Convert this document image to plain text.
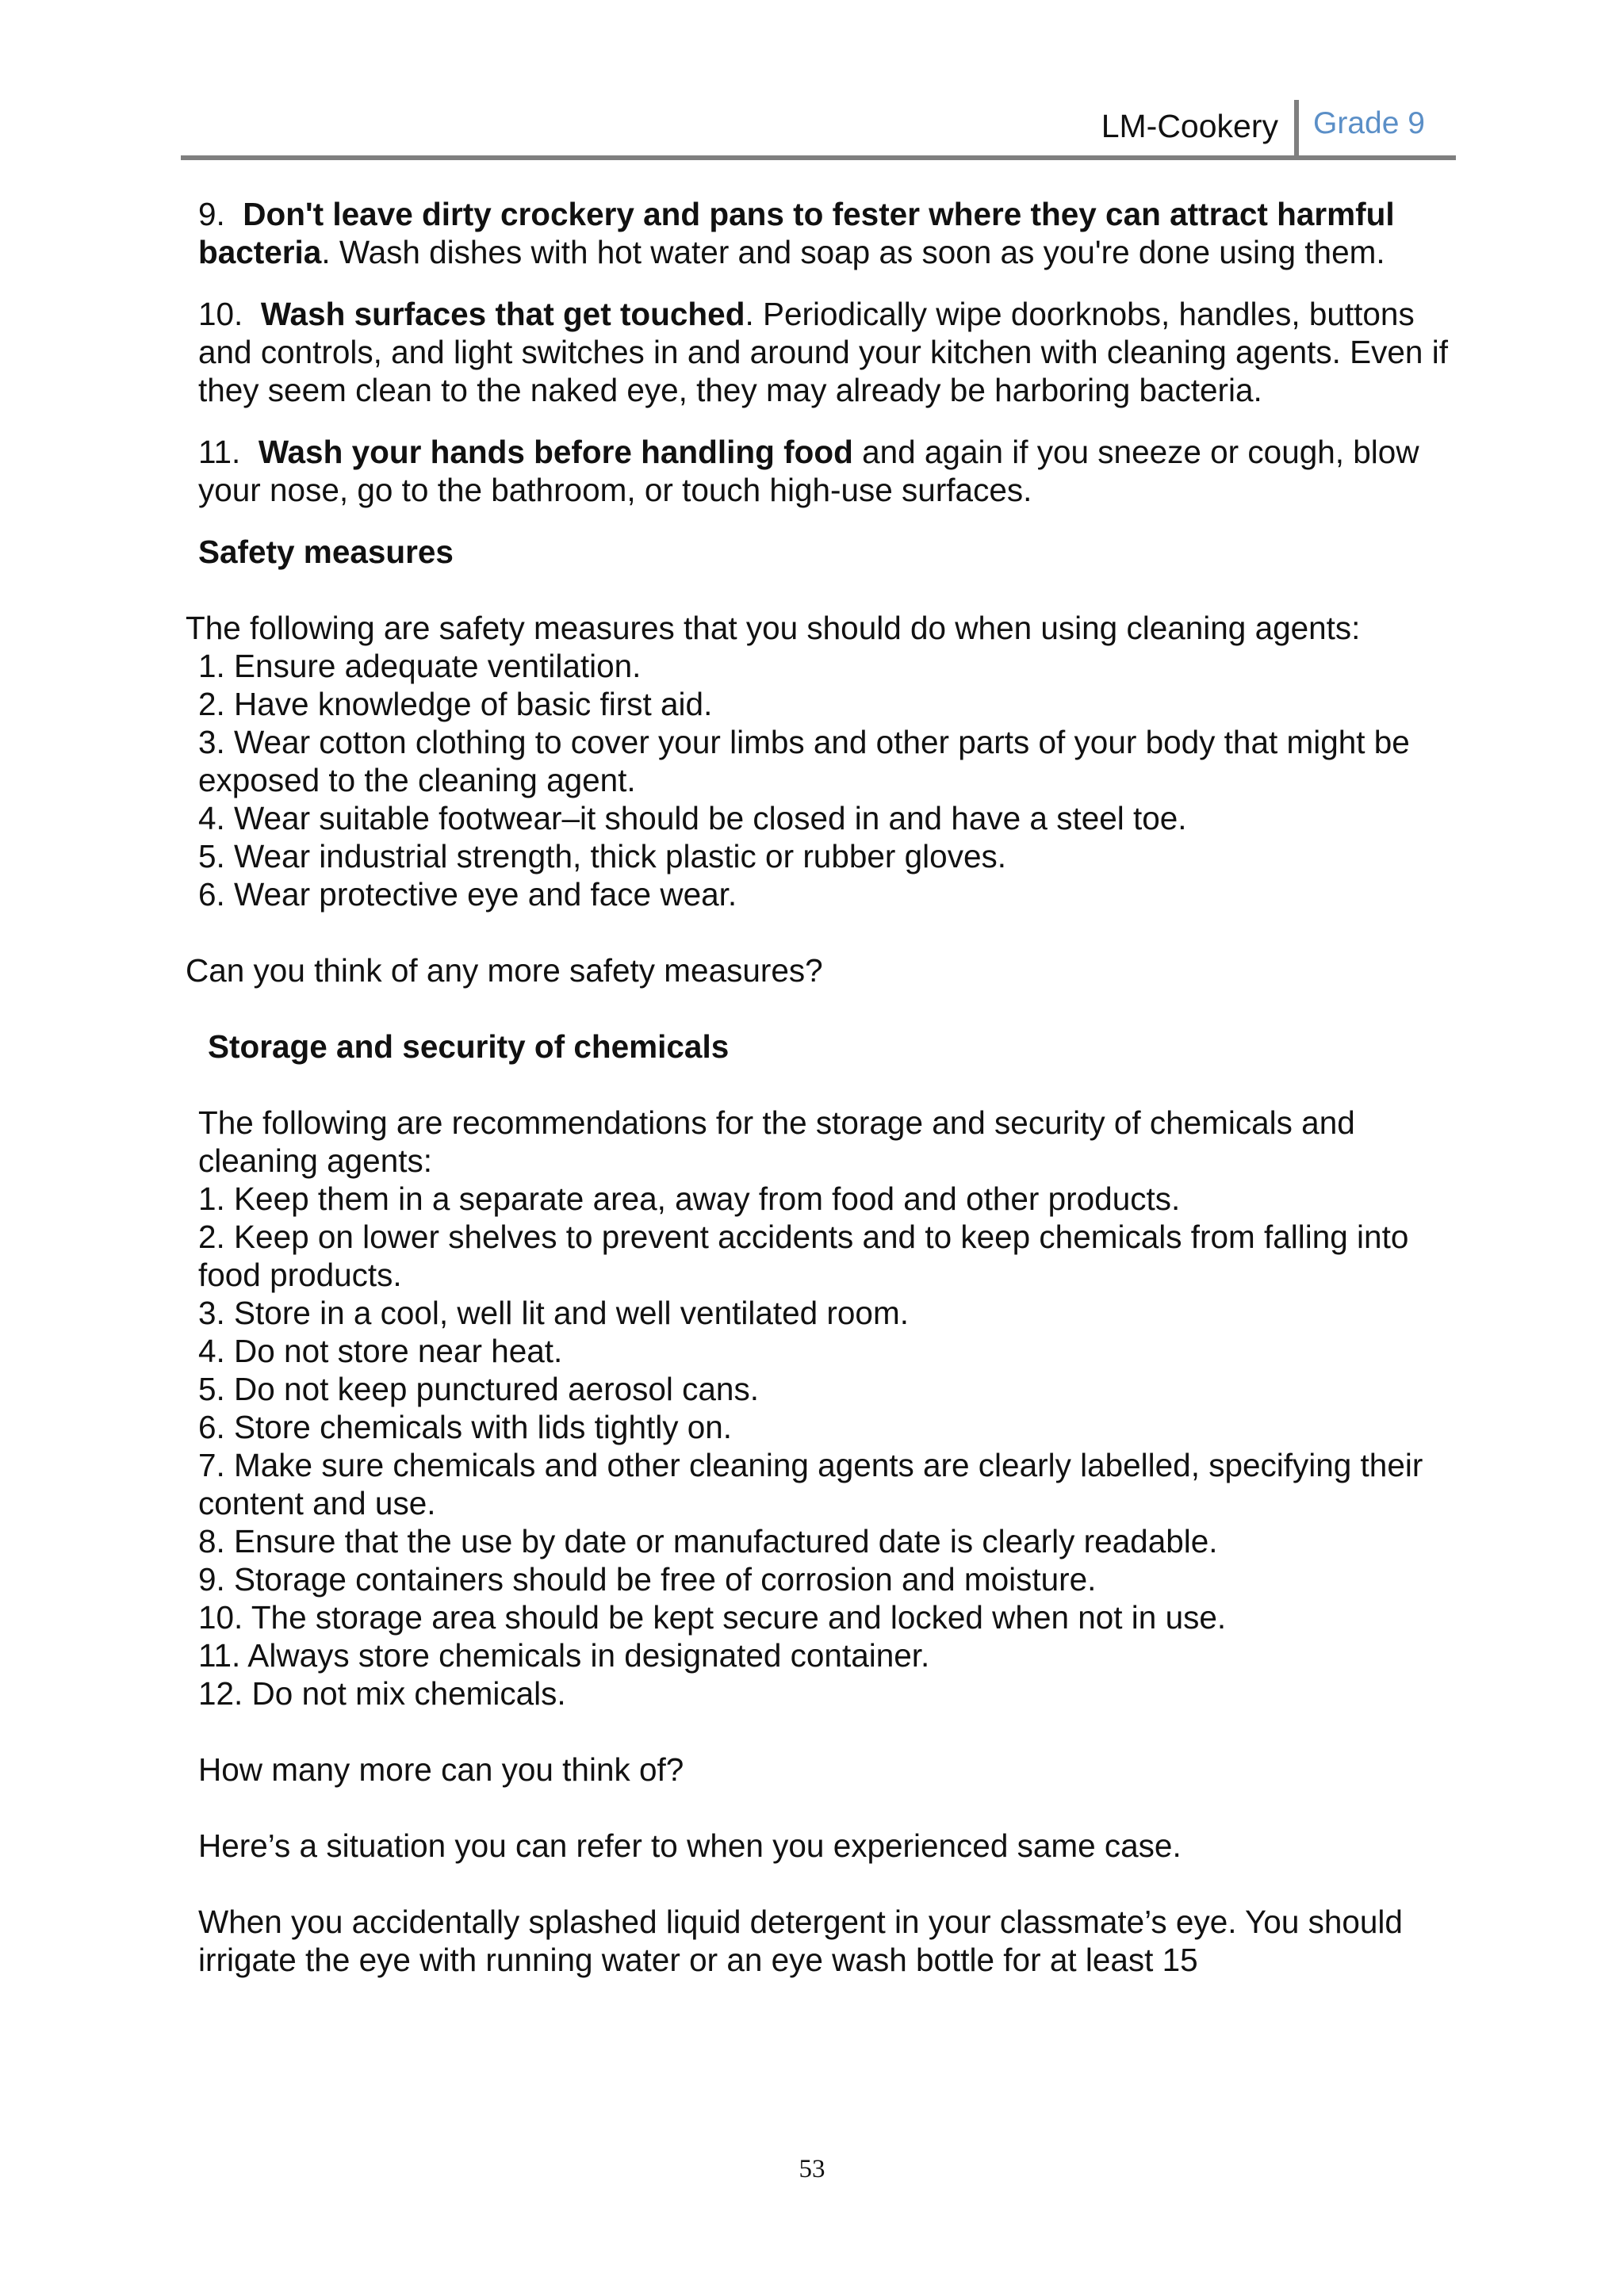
LM-Cookery Grade 9

9. Don't leave dirty crockery and pans to fester where they can attract harmful bacteria. Wash dishes with hot water and soap as soon as you're done using them.

10. Wash surfaces that get touched. Periodically wipe doorknobs, handles, buttons and controls, and light switches in and around your kitchen with cleaning agents. Even if they seem clean to the naked eye, they may already be harboring bacteria.

11. Wash your hands before handling food and again if you sneeze or cough, blow your nose, go to the bathroom, or touch high-use surfaces.

Safety measures

The following are safety measures that you should do when using cleaning agents:

1. Ensure adequate ventilation.
2. Have knowledge of basic first aid.
3. Wear cotton clothing to cover your limbs and other parts of your body that might be exposed to the cleaning agent.
4. Wear suitable footwear–it should be closed in and have a steel toe.
5. Wear industrial strength, thick plastic or rubber gloves.
6. Wear protective eye and face wear.

Can you think of any more safety measures?

Storage and security of chemicals

The following are recommendations for the storage and security of chemicals and cleaning agents:

1. Keep them in a separate area, away from food and other products.
2. Keep on lower shelves to prevent accidents and to keep chemicals from falling into food products.
3. Store in a cool, well lit and well ventilated room.
4. Do not store near heat.
5. Do not keep punctured aerosol cans.
6. Store chemicals with lids tightly on.
7. Make sure chemicals and other cleaning agents are clearly labelled, specifying their content and use.
8. Ensure that the use by date or manufactured date is clearly readable.
9. Storage containers should be free of corrosion and moisture.
10. The storage area should be kept secure and locked when not in use.
11. Always store chemicals in designated container.
12. Do not mix chemicals.

How many more can you think of?

Here’s a situation you can refer to when you experienced same case.

When you accidentally splashed liquid detergent in your classmate’s eye. You should irrigate the eye with running water or an eye wash bottle for at least 15

53
